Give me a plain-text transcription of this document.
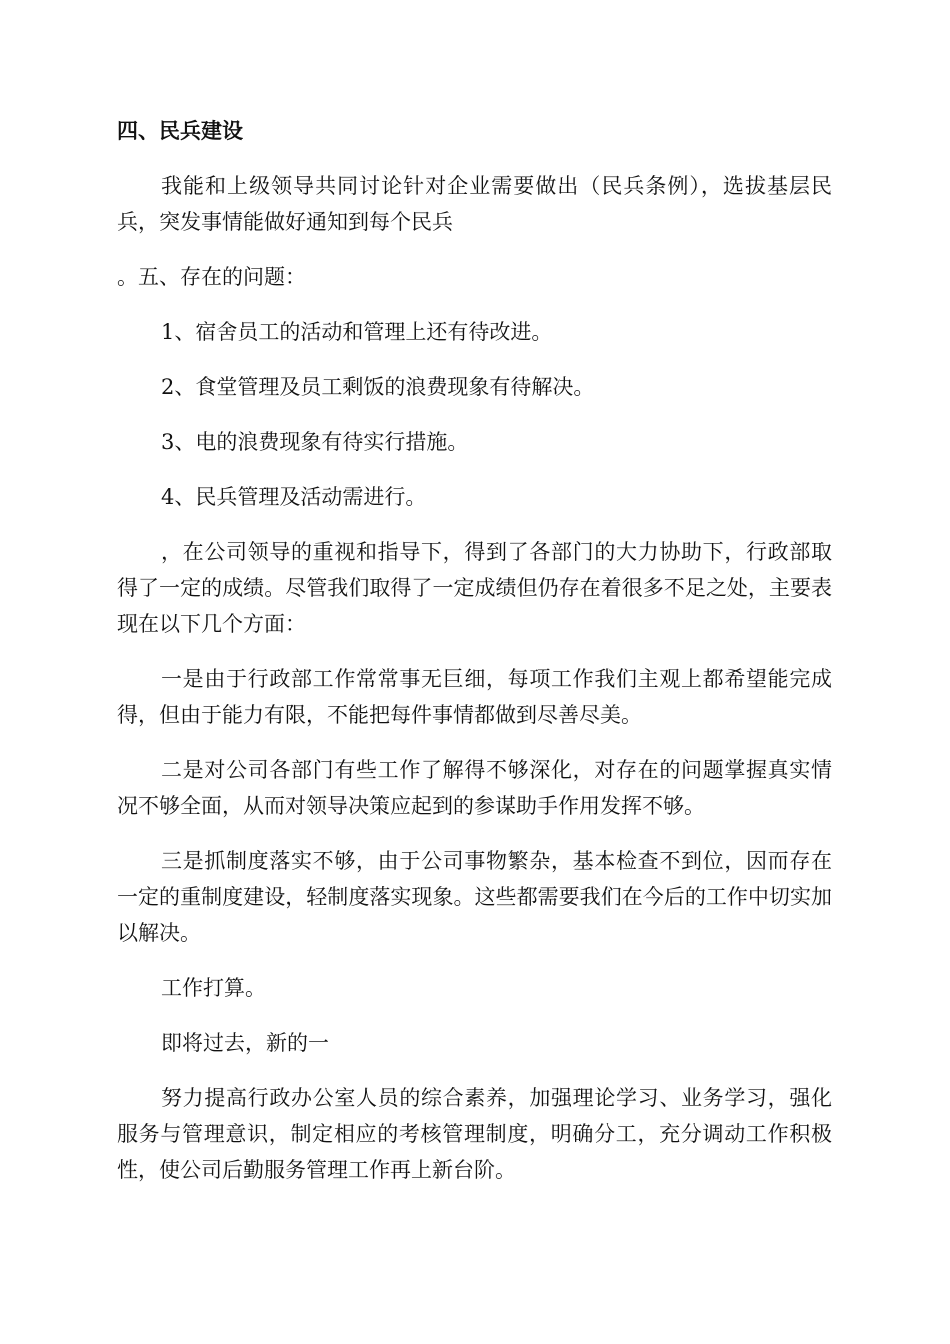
四、民兵建设

我能和上级领导共同讨论针对企业需要做出（民兵条例），选拔基层民兵，突发事情能做好通知到每个民兵

。五、存在的问题：

1、宿舍员工的活动和管理上还有待改进。

2、食堂管理及员工剩饭的浪费现象有待解决。

3、电的浪费现象有待实行措施。

4、民兵管理及活动需进行。

，在公司领导的重视和指导下，得到了各部门的大力协助下，行政部取得了一定的成绩。尽管我们取得了一定成绩但仍存在着很多不足之处，主要表现在以下几个方面：

一是由于行政部工作常常事无巨细，每项工作我们主观上都希望能完成得，但由于能力有限，不能把每件事情都做到尽善尽美。

二是对公司各部门有些工作了解得不够深化，对存在的问题掌握真实情况不够全面，从而对领导决策应起到的参谋助手作用发挥不够。

三是抓制度落实不够，由于公司事物繁杂，基本检查不到位，因而存在一定的重制度建设，轻制度落实现象。这些都需要我们在今后的工作中切实加以解决。

工作打算。

即将过去，新的一

努力提高行政办公室人员的综合素养，加强理论学习、业务学习，强化服务与管理意识，制定相应的考核管理制度，明确分工，充分调动工作积极性，使公司后勤服务管理工作再上新台阶。
